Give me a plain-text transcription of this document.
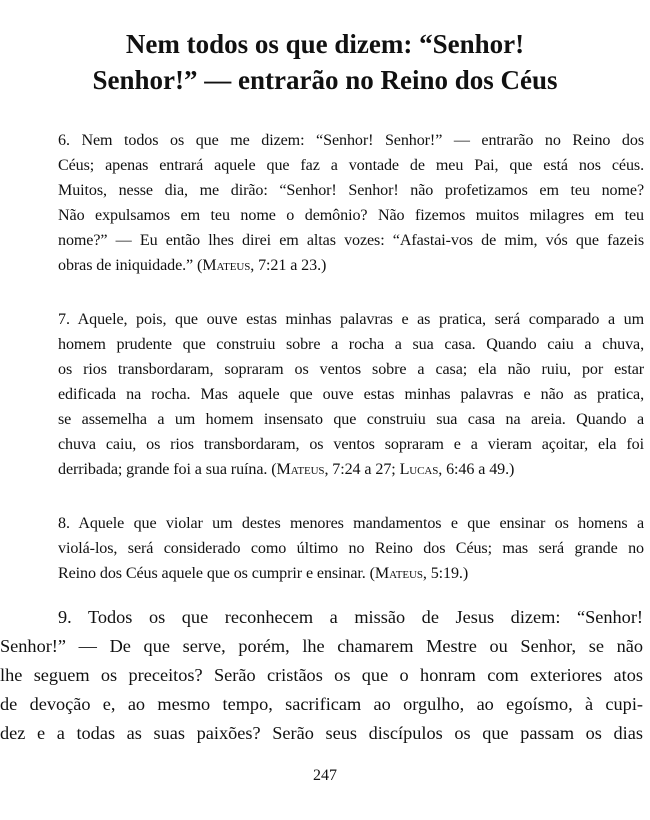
Nem todos os que dizem: “Senhor!
Senhor!” — entrarão no Reino dos Céus

6. Nem todos os que me dizem: “Senhor! Senhor!” — entrarão no Reino dos
Céus; apenas entrará aquele que faz a vontade de meu Pai, que está nos céus.
Muitos, nesse dia, me dirão: “Senhor! Senhor! não profetizamos em teu nome?
Não expulsamos em teu nome o demônio? Não fizemos muitos milagres em teu
nome?” — Eu então lhes direi em altas vozes: “Afastai-vos de mim, vós que fazeis
obras de iniquidade.” (Mateus, 7:21 a 23.)

7. Aquele, pois, que ouve estas minhas palavras e as pratica, será comparado a um
homem prudente que construiu sobre a rocha a sua casa. Quando caiu a chuva,
os rios transbordaram, sopraram os ventos sobre a casa; ela não ruiu, por estar
edificada na rocha. Mas aquele que ouve estas minhas palavras e não as pratica,
se assemelha a um homem insensato que construiu sua casa na areia. Quando a
chuva caiu, os rios transbordaram, os ventos sopraram e a vieram açoitar, ela foi
derribada; grande foi a sua ruína. (Mateus, 7:24 a 27; Lucas, 6:46 a 49.)

8. Aquele que violar um destes menores mandamentos e que ensinar os homens a
violá-los, será considerado como último no Reino dos Céus; mas será grande no
Reino dos Céus aquele que os cumprir e ensinar. (Mateus, 5:19.)

9. Todos os que reconhecem a missão de Jesus dizem: “Senhor!
Senhor!” — De que serve, porém, lhe chamarem Mestre ou Senhor, se não
lhe seguem os preceitos? Serão cristãos os que o honram com exteriores atos
de devoção e, ao mesmo tempo, sacrificam ao orgulho, ao egoísmo, à cupi-
dez e a todas as suas paixões? Serão seus discípulos os que passam os dias

247
